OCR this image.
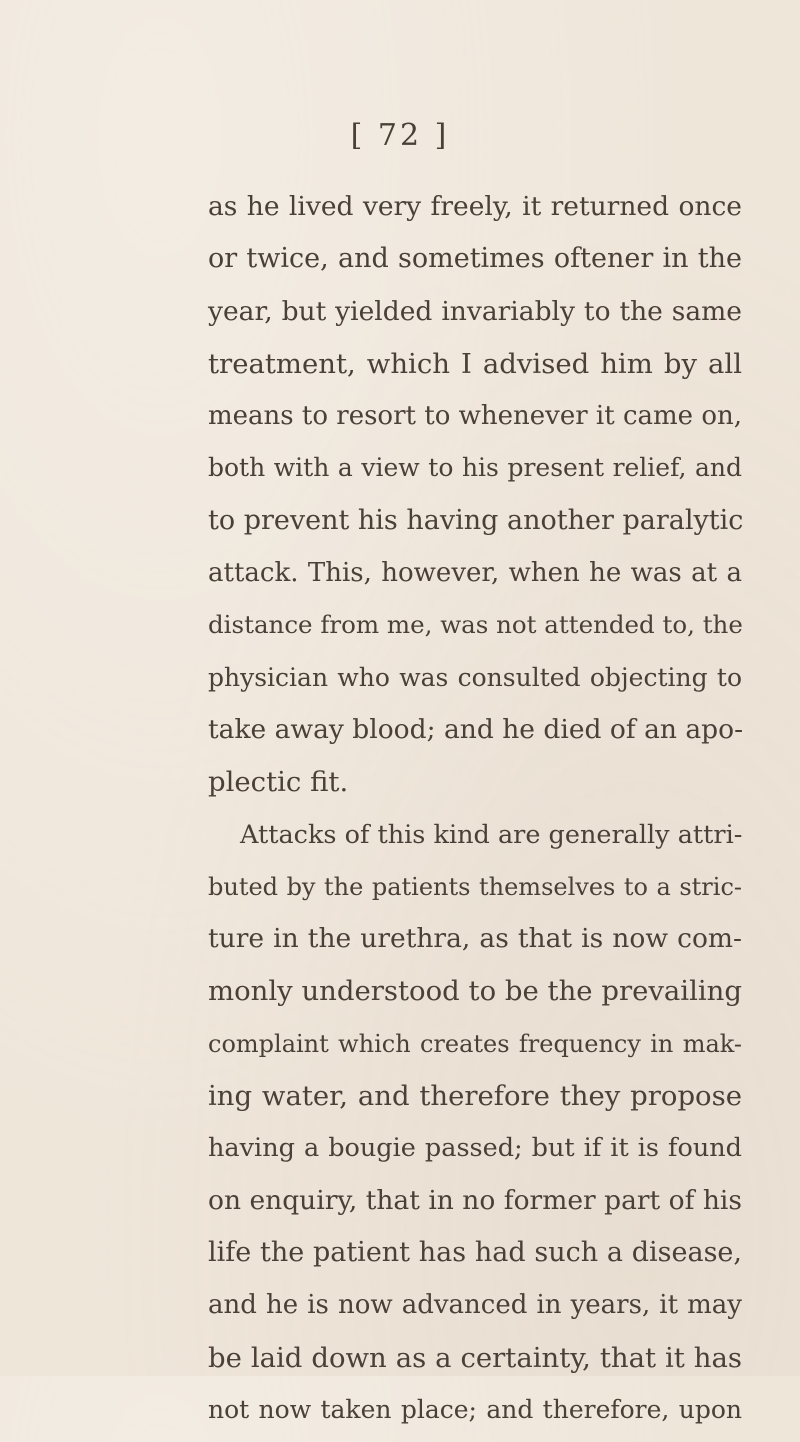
[ 72 ]
as he lived very freely, it returned once
or twice, and sometimes oftener in the
year, but yielded invariably to the same
treatment, which I advised him by all
means to resort to whenever it came on,
both with a view to his present relief, and
to prevent his having another paralytic
attack. This, however, when he was at a
distance from me, was not attended to, the
physician who was consulted objecting to
take away blood; and he died of an apo-
plectic fit.
Attacks of this kind are generally attri-
buted by the patients themselves to a stric-
ture in the urethra, as that is now com-
monly understood to be the prevailing
complaint which creates frequency in mak-
ing water, and therefore they propose
having a bougie passed; but if it is found
on enquiry, that in no former part of his
life the patient has had such a disease,
and he is now advanced in years, it may
be laid down as a certainty, that it has
not now taken place; and therefore, upon
